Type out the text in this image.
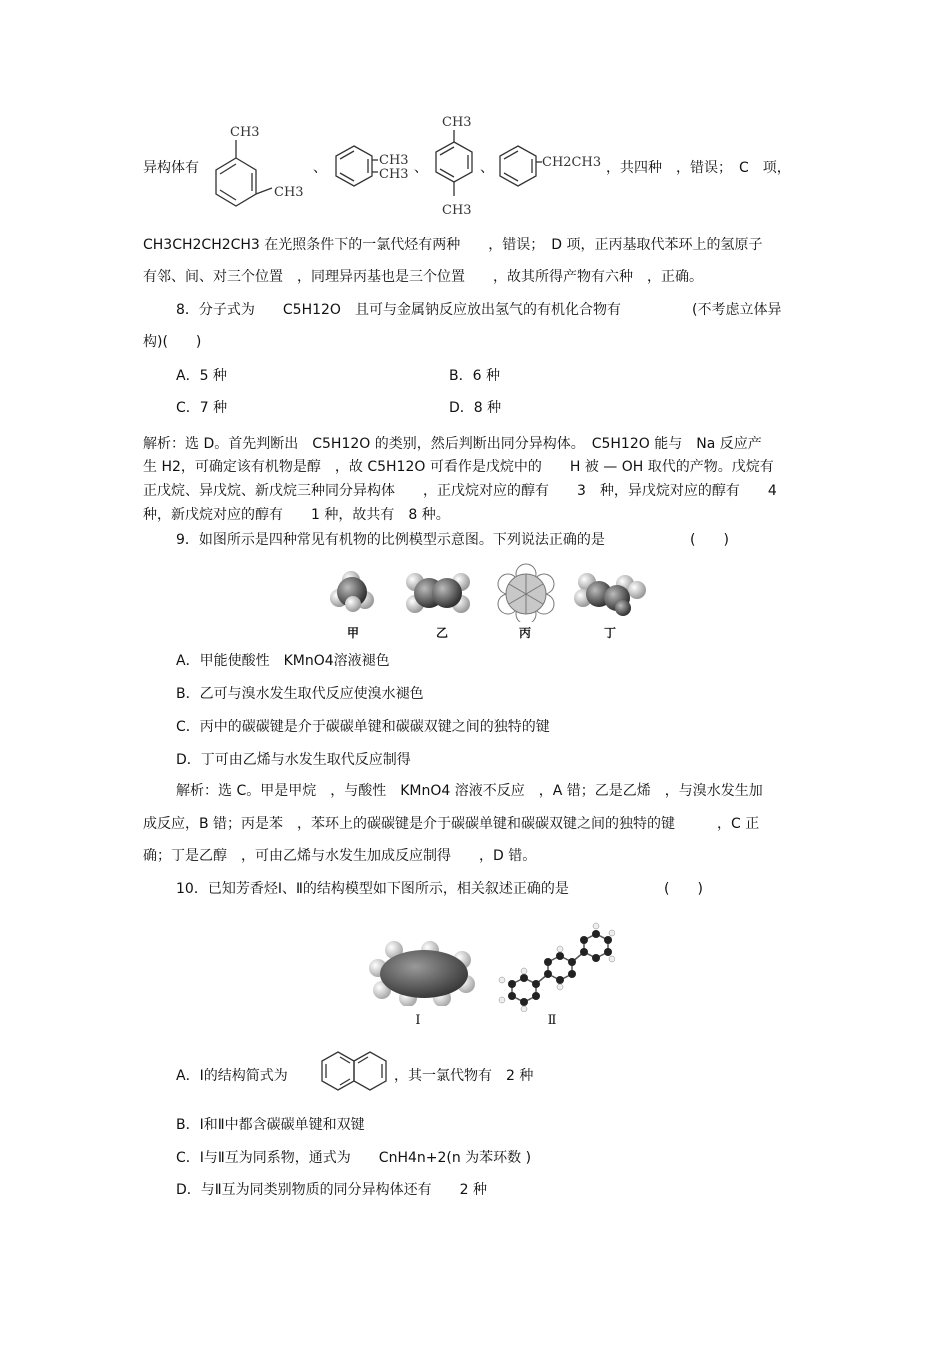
异构体有
CH3
CH3
、	CH3
CH3 、
CH3
CH3
、	CH2CH3 ，共四种　，错误；　C　项，
CH3CH2CH2CH3 在光照条件下的一氯代烃有两种　　，错误；　D 项，正丙基取代苯环上的氢原子
有邻、间、对三个位置　，同理异丙基也是三个位置　　，故其所得产物有六种　，正确。
8．分子式为　　C5H12O　且可与金属钠反应放出氢气的有机化合物有	(不考虑立体异
构)(　　)
A．5 种	B．6 种
C．7 种	D．8 种
解析：选 D。首先判断出　C5H12O 的类别，然后判断出同分异构体。　C5H12O 能与　Na 反应产
生 H2，可确定该有机物是醇　，故 C5H12O 可看作是戊烷中的　　H 被 — OH 取代的产物。戊烷有
正戊烷、异戊烷、新戊烷三种同分异构体　　，正戊烷对应的醇有　　3　种，异戊烷对应的醇有　　4
种，新戊烷对应的醇有　　1 种，故共有　8 种。
9．如图所示是四种常见有机物的比例模型示意图。下列说法正确的是	(　　)
甲	乙	丙	丁
A．甲能使酸性　KMnO4溶液褪色
B．乙可与溴水发生取代反应使溴水褪色
C．丙中的碳碳键是介于碳碳单键和碳碳双键之间的独特的键
D．丁可由乙烯与水发生取代反应制得
解析：选 C。甲是甲烷　，与酸性　KMnO4 溶液不反应　，A 错；乙是乙烯　，与溴水发生加
成反应，B 错；丙是苯　，苯环上的碳碳键是介于碳碳单键和碳碳双键之间的独特的键　　　，C 正
确；丁是乙醇　，可由乙烯与水发生加成反应制得　　，D 错。
10．已知芳香烃Ⅰ、Ⅱ的结构模型如下图所示，相关叙述正确的是	(　　)
Ⅰ	Ⅱ
A．Ⅰ的结构简式为	，其一氯代物有　2 种
B．Ⅰ和Ⅱ中都含碳碳单键和双键
C．Ⅰ与Ⅱ互为同系物，通式为　　CnH4n+2(n 为苯环数 )
D．与Ⅱ互为同类别物质的同分异构体还有　　2 种
